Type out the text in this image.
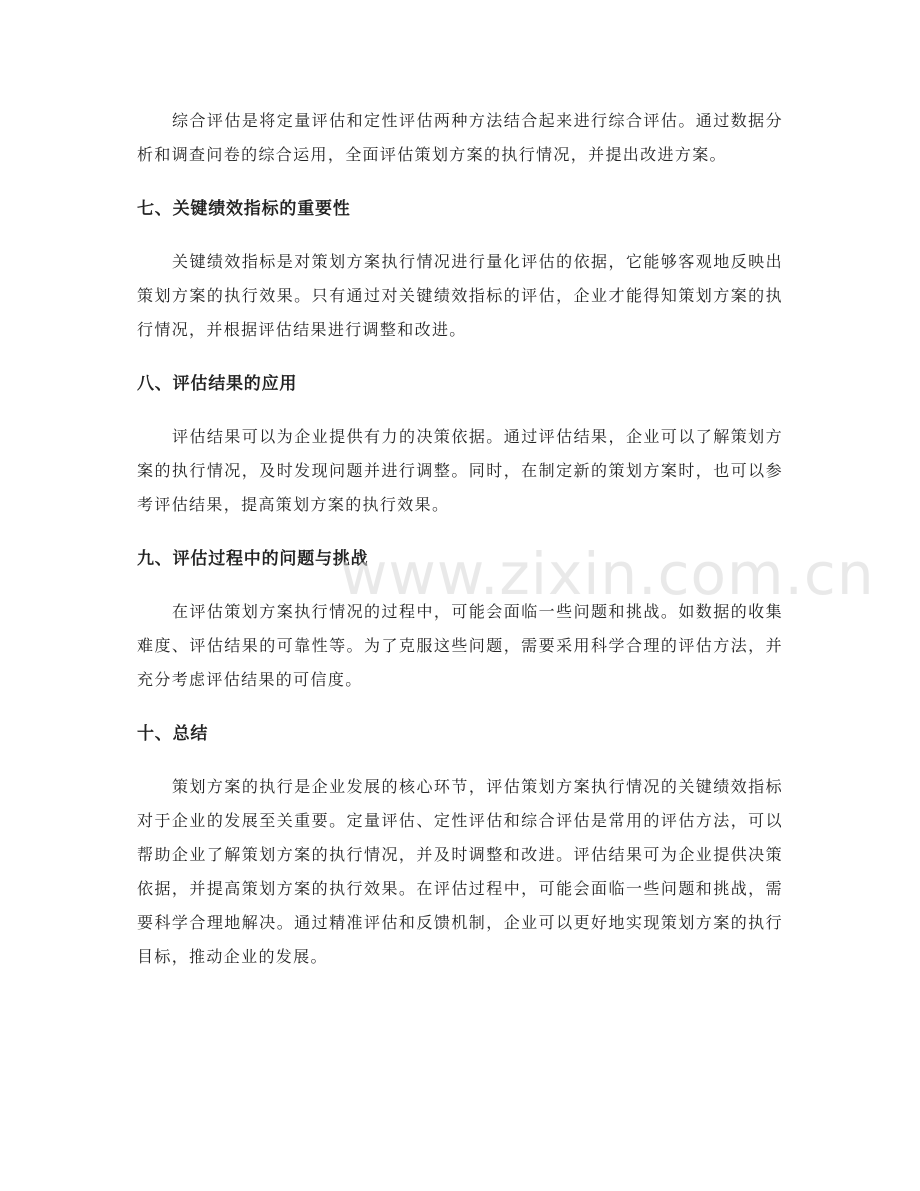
综合评估是将定量评估和定性评估两种方法结合起来进行综合评估。通过数据分析和调查问卷的综合运用，全面评估策划方案的执行情况，并提出改进方案。

七、关键绩效指标的重要性

关键绩效指标是对策划方案执行情况进行量化评估的依据，它能够客观地反映出策划方案的执行效果。只有通过对关键绩效指标的评估，企业才能得知策划方案的执行情况，并根据评估结果进行调整和改进。

八、评估结果的应用

评估结果可以为企业提供有力的决策依据。通过评估结果，企业可以了解策划方案的执行情况，及时发现问题并进行调整。同时，在制定新的策划方案时，也可以参考评估结果，提高策划方案的执行效果。

九、评估过程中的问题与挑战

在评估策划方案执行情况的过程中，可能会面临一些问题和挑战。如数据的收集难度、评估结果的可靠性等。为了克服这些问题，需要采用科学合理的评估方法，并充分考虑评估结果的可信度。

十、总结

策划方案的执行是企业发展的核心环节，评估策划方案执行情况的关键绩效指标对于企业的发展至关重要。定量评估、定性评估和综合评估是常用的评估方法，可以帮助企业了解策划方案的执行情况，并及时调整和改进。评估结果可为企业提供决策依据，并提高策划方案的执行效果。在评估过程中，可能会面临一些问题和挑战，需要科学合理地解决。通过精准评估和反馈机制，企业可以更好地实现策划方案的执行目标，推动企业的发展。

www.zixin.com.cn
